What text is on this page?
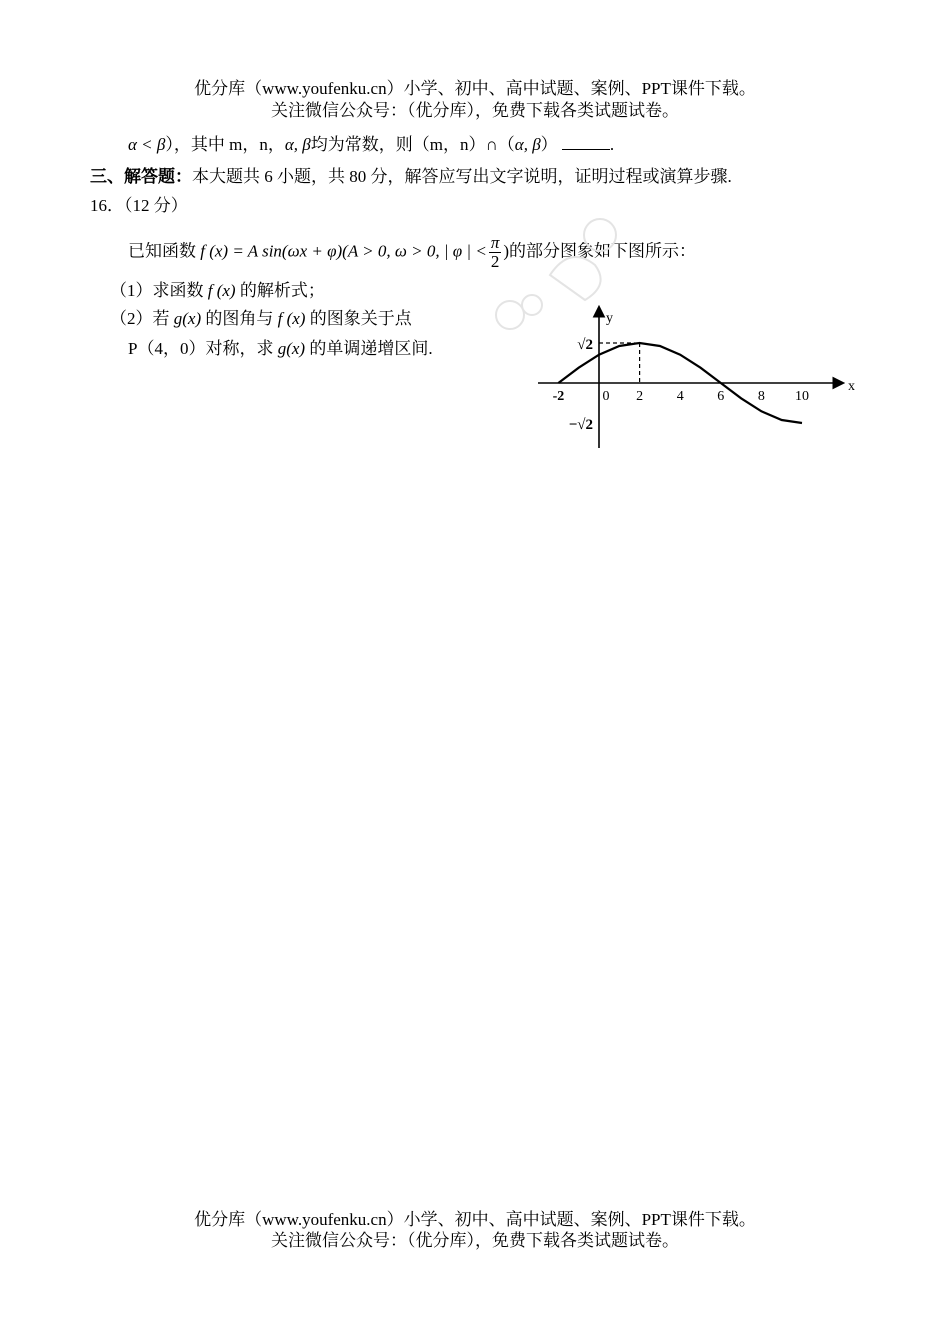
优分库（www.youfenku.cn）小学、初中、高中试题、案例、PPT课件下载。
关注微信公众号：（优分库），免费下载各类试题试卷。
α < β），其中 m，n，α, β均为常数，则（m，n）∩（α, β）	.
三、解答题：本大题共 6 小题，共 80 分，解答应写出文字说明，证明过程或演算步骤.
16．（12 分）
已知函数 f (x) = A sin(ωx + φ)(A > 0, ω > 0, | φ | < $\frac{\pi}{2}$ )的部分图象如下图所示：
（1）求函数 f (x) 的解析式；
（2）若 g(x) 的图角与 f (x) 的图象关于点
P（4，0）对称，求 g(x) 的单调递增区间.
x
y
-2	0 2 4 6 8 10
√2
−√2
优分库（www.youfenku.cn）小学、初中、高中试题、案例、PPT课件下载。
关注微信公众号：（优分库），免费下载各类试题试卷。
